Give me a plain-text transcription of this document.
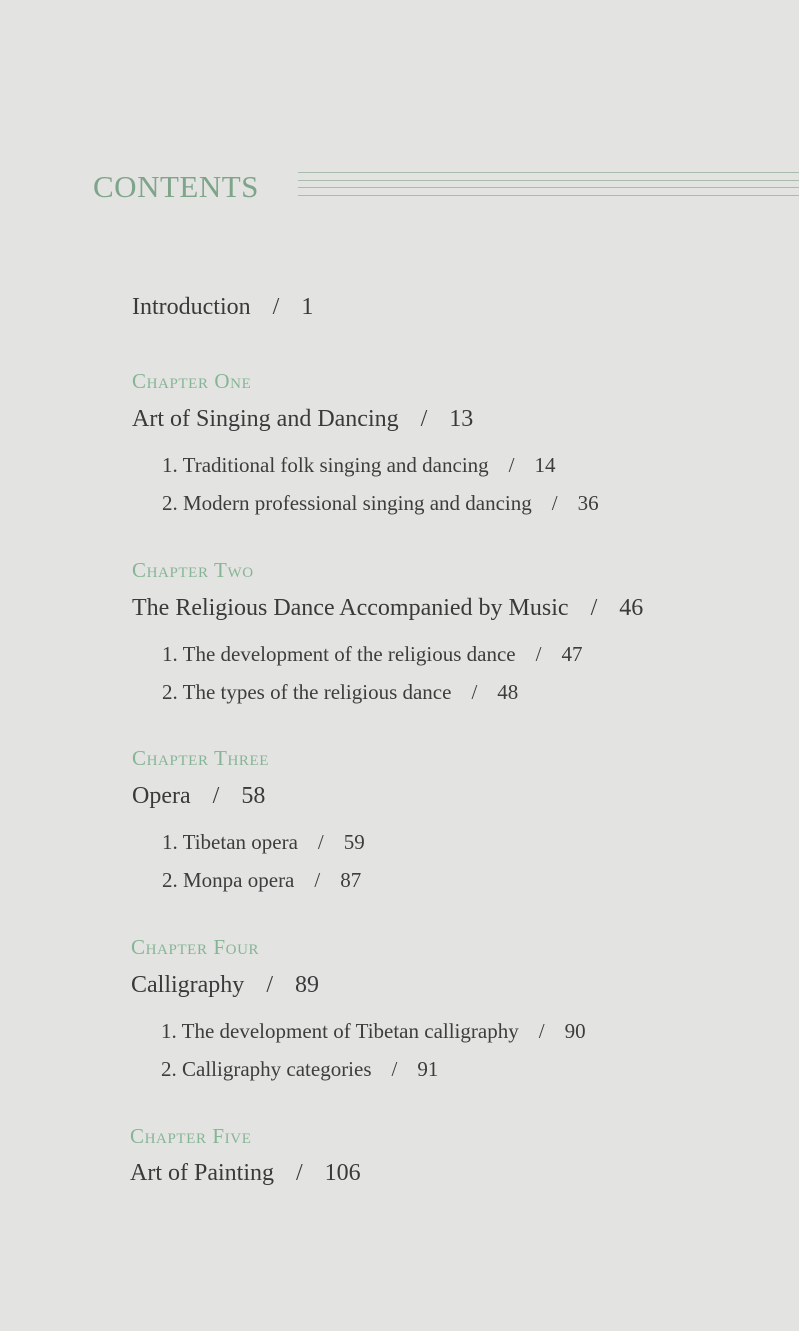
CONTENTS
Introduction / 1
Chapter One
Art of Singing and Dancing / 13
1. Traditional folk singing and dancing / 14
2. Modern professional singing and dancing / 36
Chapter Two
The Religious Dance Accompanied by Music / 46
1. The development of the religious dance / 47
2. The types of the religious dance / 48
Chapter Three
Opera / 58
1. Tibetan opera / 59
2. Monpa opera / 87
Chapter Four
Calligraphy / 89
1. The development of Tibetan calligraphy / 90
2. Calligraphy categories / 91
Chapter Five
Art of Painting / 106
